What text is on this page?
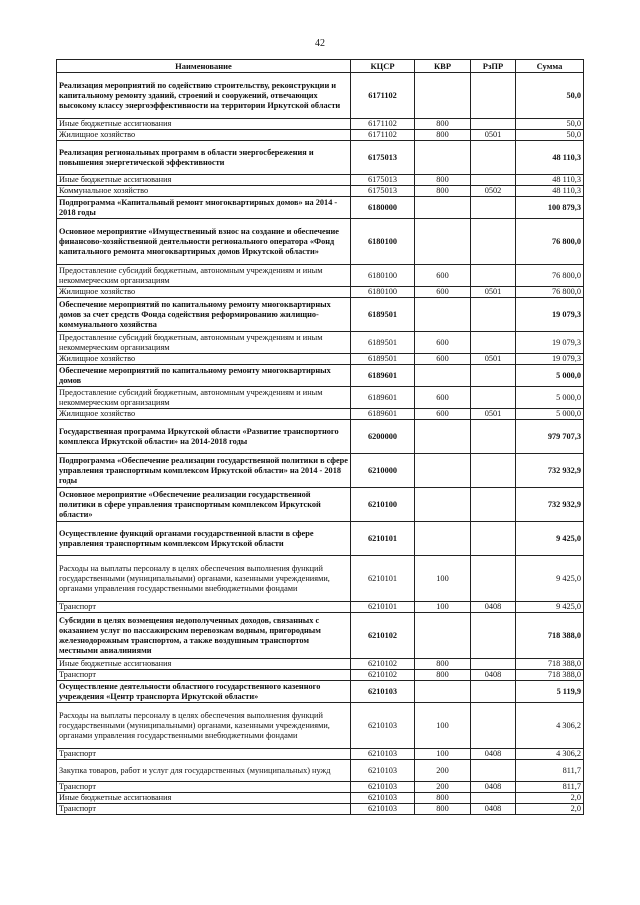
42
Наименование	КЦСР	КВР	РзПР	Сумма
Реализация мероприятий по содействию строительству, реконструкции и капитальному ремонту зданий, строений и сооружений, отвечающих высокому классу энергоэффективности на территории Иркутской области	6171102			50,0
Иные бюджетные ассигнования	6171102	800		50,0
Жилищное хозяйство	6171102	800	0501	50,0
Реализация региональных программ в области энергосбережения и повышения энергетической эффективности	6175013			48 110,3
Иные бюджетные ассигнования	6175013	800		48 110,3
Коммунальное хозяйство	6175013	800	0502	48 110,3
Подпрограмма «Капитальный ремонт многоквартирных домов» на 2014 - 2018 годы	6180000			100 879,3
Основное мероприятие «Имущественный взнос на создание и обеспечение финансово-хозяйственной деятельности регионального оператора «Фонд капитального ремонта многоквартирных домов Иркутской области»	6180100			76 800,0
Предоставление субсидий бюджетным, автономным учреждениям и иным некоммерческим организациям	6180100	600		76 800,0
Жилищное хозяйство	6180100	600	0501	76 800,0
Обеспечение мероприятий по капитальному ремонту многоквартирных домов за счет средств Фонда содействия реформированию жилищно-коммунального хозяйства	6189501			19 079,3
Предоставление субсидий бюджетным, автономным учреждениям и иным некоммерческим организациям	6189501	600		19 079,3
Жилищное хозяйство	6189501	600	0501	19 079,3
Обеспечение мероприятий по капитальному ремонту многоквартирных домов	6189601			5 000,0
Предоставление субсидий бюджетным, автономным учреждениям и иным некоммерческим организациям	6189601	600		5 000,0
Жилищное хозяйство	6189601	600	0501	5 000,0
Государственная программа Иркутской области «Развитие транспортного комплекса Иркутской области» на 2014-2018 годы	6200000			979 707,3
Подпрограмма «Обеспечение реализации государственной политики в сфере управления транспортным комплексом Иркутской области» на 2014 - 2018 годы	6210000			732 932,9
Основное мероприятие «Обеспечение реализации государственной политики в сфере управления транспортным комплексом Иркутской области»	6210100			732 932,9
Осуществление функций органами государственной власти в сфере управления транспортным комплексом Иркутской области	6210101			9 425,0
Расходы на выплаты персоналу в целях обеспечения выполнения функций государственными (муниципальными) органами, казенными учреждениями, органами управления государственными внебюджетными фондами	6210101	100		9 425,0
Транспорт	6210101	100	0408	9 425,0
Субсидии в целях возмещения недополученных доходов, связанных с оказанием услуг по пассажирским перевозкам водным, пригородным железнодорожным транспортом, а также воздушным транспортом местными авиалиниями	6210102			718 388,0
Иные бюджетные ассигнования	6210102	800		718 388,0
Транспорт	6210102	800	0408	718 388,0
Осуществление деятельности областного государственного казенного учреждения «Центр транспорта Иркутской области»	6210103			5 119,9
Расходы на выплаты персоналу в целях обеспечения выполнения функций государственными (муниципальными) органами, казенными учреждениями, органами управления государственными внебюджетными фондами	6210103	100		4 306,2
Транспорт	6210103	100	0408	4 306,2
Закупка товаров, работ и услуг для государственных (муниципальных) нужд	6210103	200		811,7
Транспорт	6210103	200	0408	811,7
Иные бюджетные ассигнования	6210103	800		2,0
Транспорт	6210103	800	0408	2,0
